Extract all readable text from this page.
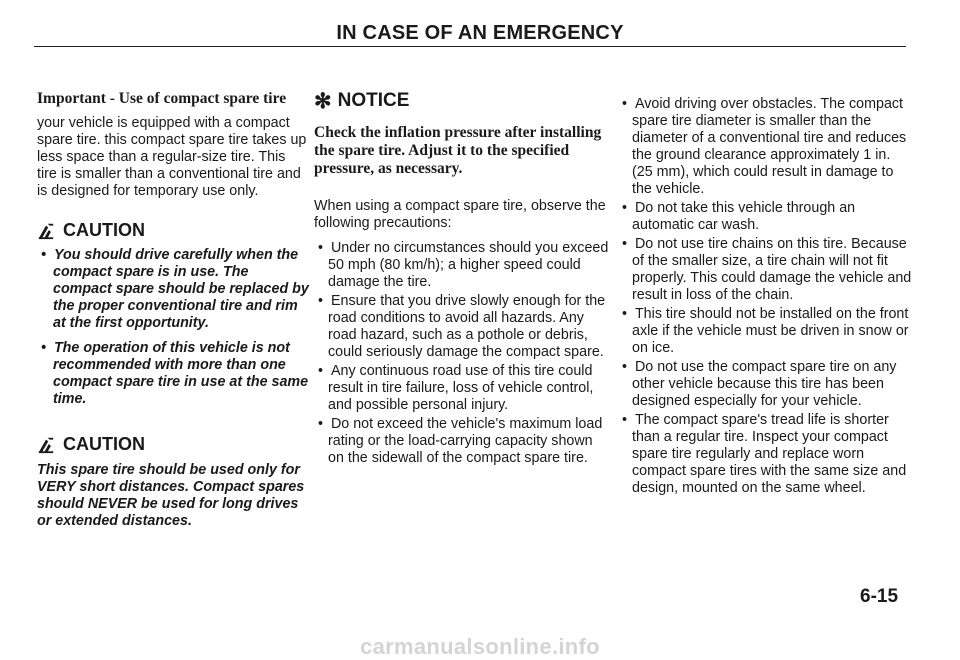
IN CASE OF AN EMERGENCY
Important - Use of compact spare tire
your vehicle is equipped with a compact spare tire. this compact spare tire takes up less space than a regular-size tire. This tire is smaller than a conventional tire and is designed for temporary use only.
CAUTION
•  You should drive carefully when the compact spare is in use. The compact spare should be replaced by the proper conventional tire and rim at the first opportunity.
•  The operation of this vehicle is not recommended with more than one compact spare tire in use at the same time.
CAUTION
This spare tire should be used only for VERY short distances. Compact spares should NEVER be used for long drives or extended distances.
✻ NOTICE
Check the inflation pressure after installing the spare tire. Adjust it to the specified pressure, as necessary.
When using a compact spare tire, observe the following precautions:
•  Under no circumstances should you exceed 50 mph (80 km/h); a higher speed could damage the tire.
•  Ensure that you drive slowly enough for the road conditions to avoid all hazards. Any road hazard, such as a pothole or debris, could seriously damage the compact spare.
•  Any continuous road use of this tire could result in tire failure, loss of vehicle control, and possible personal injury.
•  Do not exceed the vehicle's maximum load rating or the load-carrying capacity shown on the sidewall of the compact spare tire.
•  Avoid driving over obstacles. The compact spare tire diameter is smaller than the diameter of a conventional tire and reduces the ground clearance approximately 1 in. (25 mm), which could result in damage to the vehicle.
•  Do not take this vehicle through an automatic car wash.
•  Do not use tire chains on this tire. Because of the smaller size, a tire chain will not fit properly. This could damage the vehicle and result in loss of the chain.
•  This tire should not be installed on the front axle if the vehicle must be driven in snow or on ice.
•  Do not use the compact spare tire on any other vehicle because this tire has been designed especially for your vehicle.
•  The compact spare's tread life is shorter than a regular tire. Inspect your compact spare tire regularly and replace worn compact spare tires with the same size and design, mounted on the same wheel.
6-15
carmanualsonline.info
